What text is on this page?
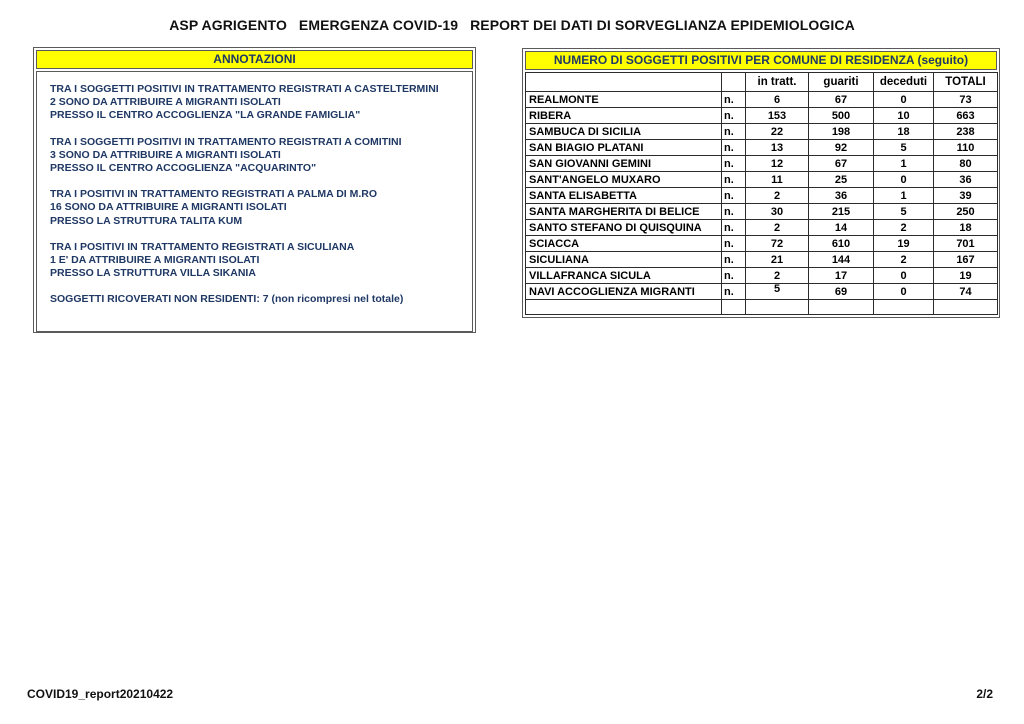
ASP AGRIGENTO   EMERGENZA COVID-19   REPORT DEI DATI DI SORVEGLIANZA EPIDEMIOLOGICA
ANNOTAZIONI
TRA I SOGGETTI POSITIVI IN TRATTAMENTO REGISTRATI A CASTELTERMINI
2 SONO DA ATTRIBUIRE A MIGRANTI ISOLATI
PRESSO IL CENTRO ACCOGLIENZA "LA GRANDE FAMIGLIA"
TRA I SOGGETTI POSITIVI IN TRATTAMENTO REGISTRATI A COMITINI
3 SONO DA ATTRIBUIRE A MIGRANTI ISOLATI
PRESSO IL CENTRO ACCOGLIENZA "ACQUARINTO"
TRA I POSITIVI IN TRATTAMENTO REGISTRATI A PALMA DI M.RO
16 SONO DA ATTRIBUIRE A MIGRANTI ISOLATI
PRESSO LA STRUTTURA TALITA KUM
TRA I POSITIVI IN TRATTAMENTO REGISTRATI A SICULIANA
1 E' DA ATTRIBUIRE A MIGRANTI ISOLATI
PRESSO LA STRUTTURA VILLA SIKANIA
SOGGETTI RICOVERATI NON RESIDENTI: 7 (non ricompresi nel totale)
NUMERO DI SOGGETTI POSITIVI PER COMUNE DI RESIDENZA (seguito)
		in tratt.	guariti	deceduti	TOTALI
REALMONTE	n.	6	67	0	73
RIBERA	n.	153	500	10	663
SAMBUCA DI SICILIA	n.	22	198	18	238
SAN BIAGIO PLATANI	n.	13	92	5	110
SAN GIOVANNI GEMINI	n.	12	67	1	80
SANT'ANGELO MUXARO	n.	11	25	0	36
SANTA ELISABETTA	n.	2	36	1	39
SANTA MARGHERITA DI BELICE	n.	30	215	5	250
SANTO STEFANO DI QUISQUINA	n.	2	14	2	18
SCIACCA	n.	72	610	19	701
SICULIANA	n.	21	144	2	167
VILLAFRANCA SICULA	n.	2	17	0	19
NAVI ACCOGLIENZA MIGRANTI	n.	5	69	0	74

COVID19_report20210422	2/2
